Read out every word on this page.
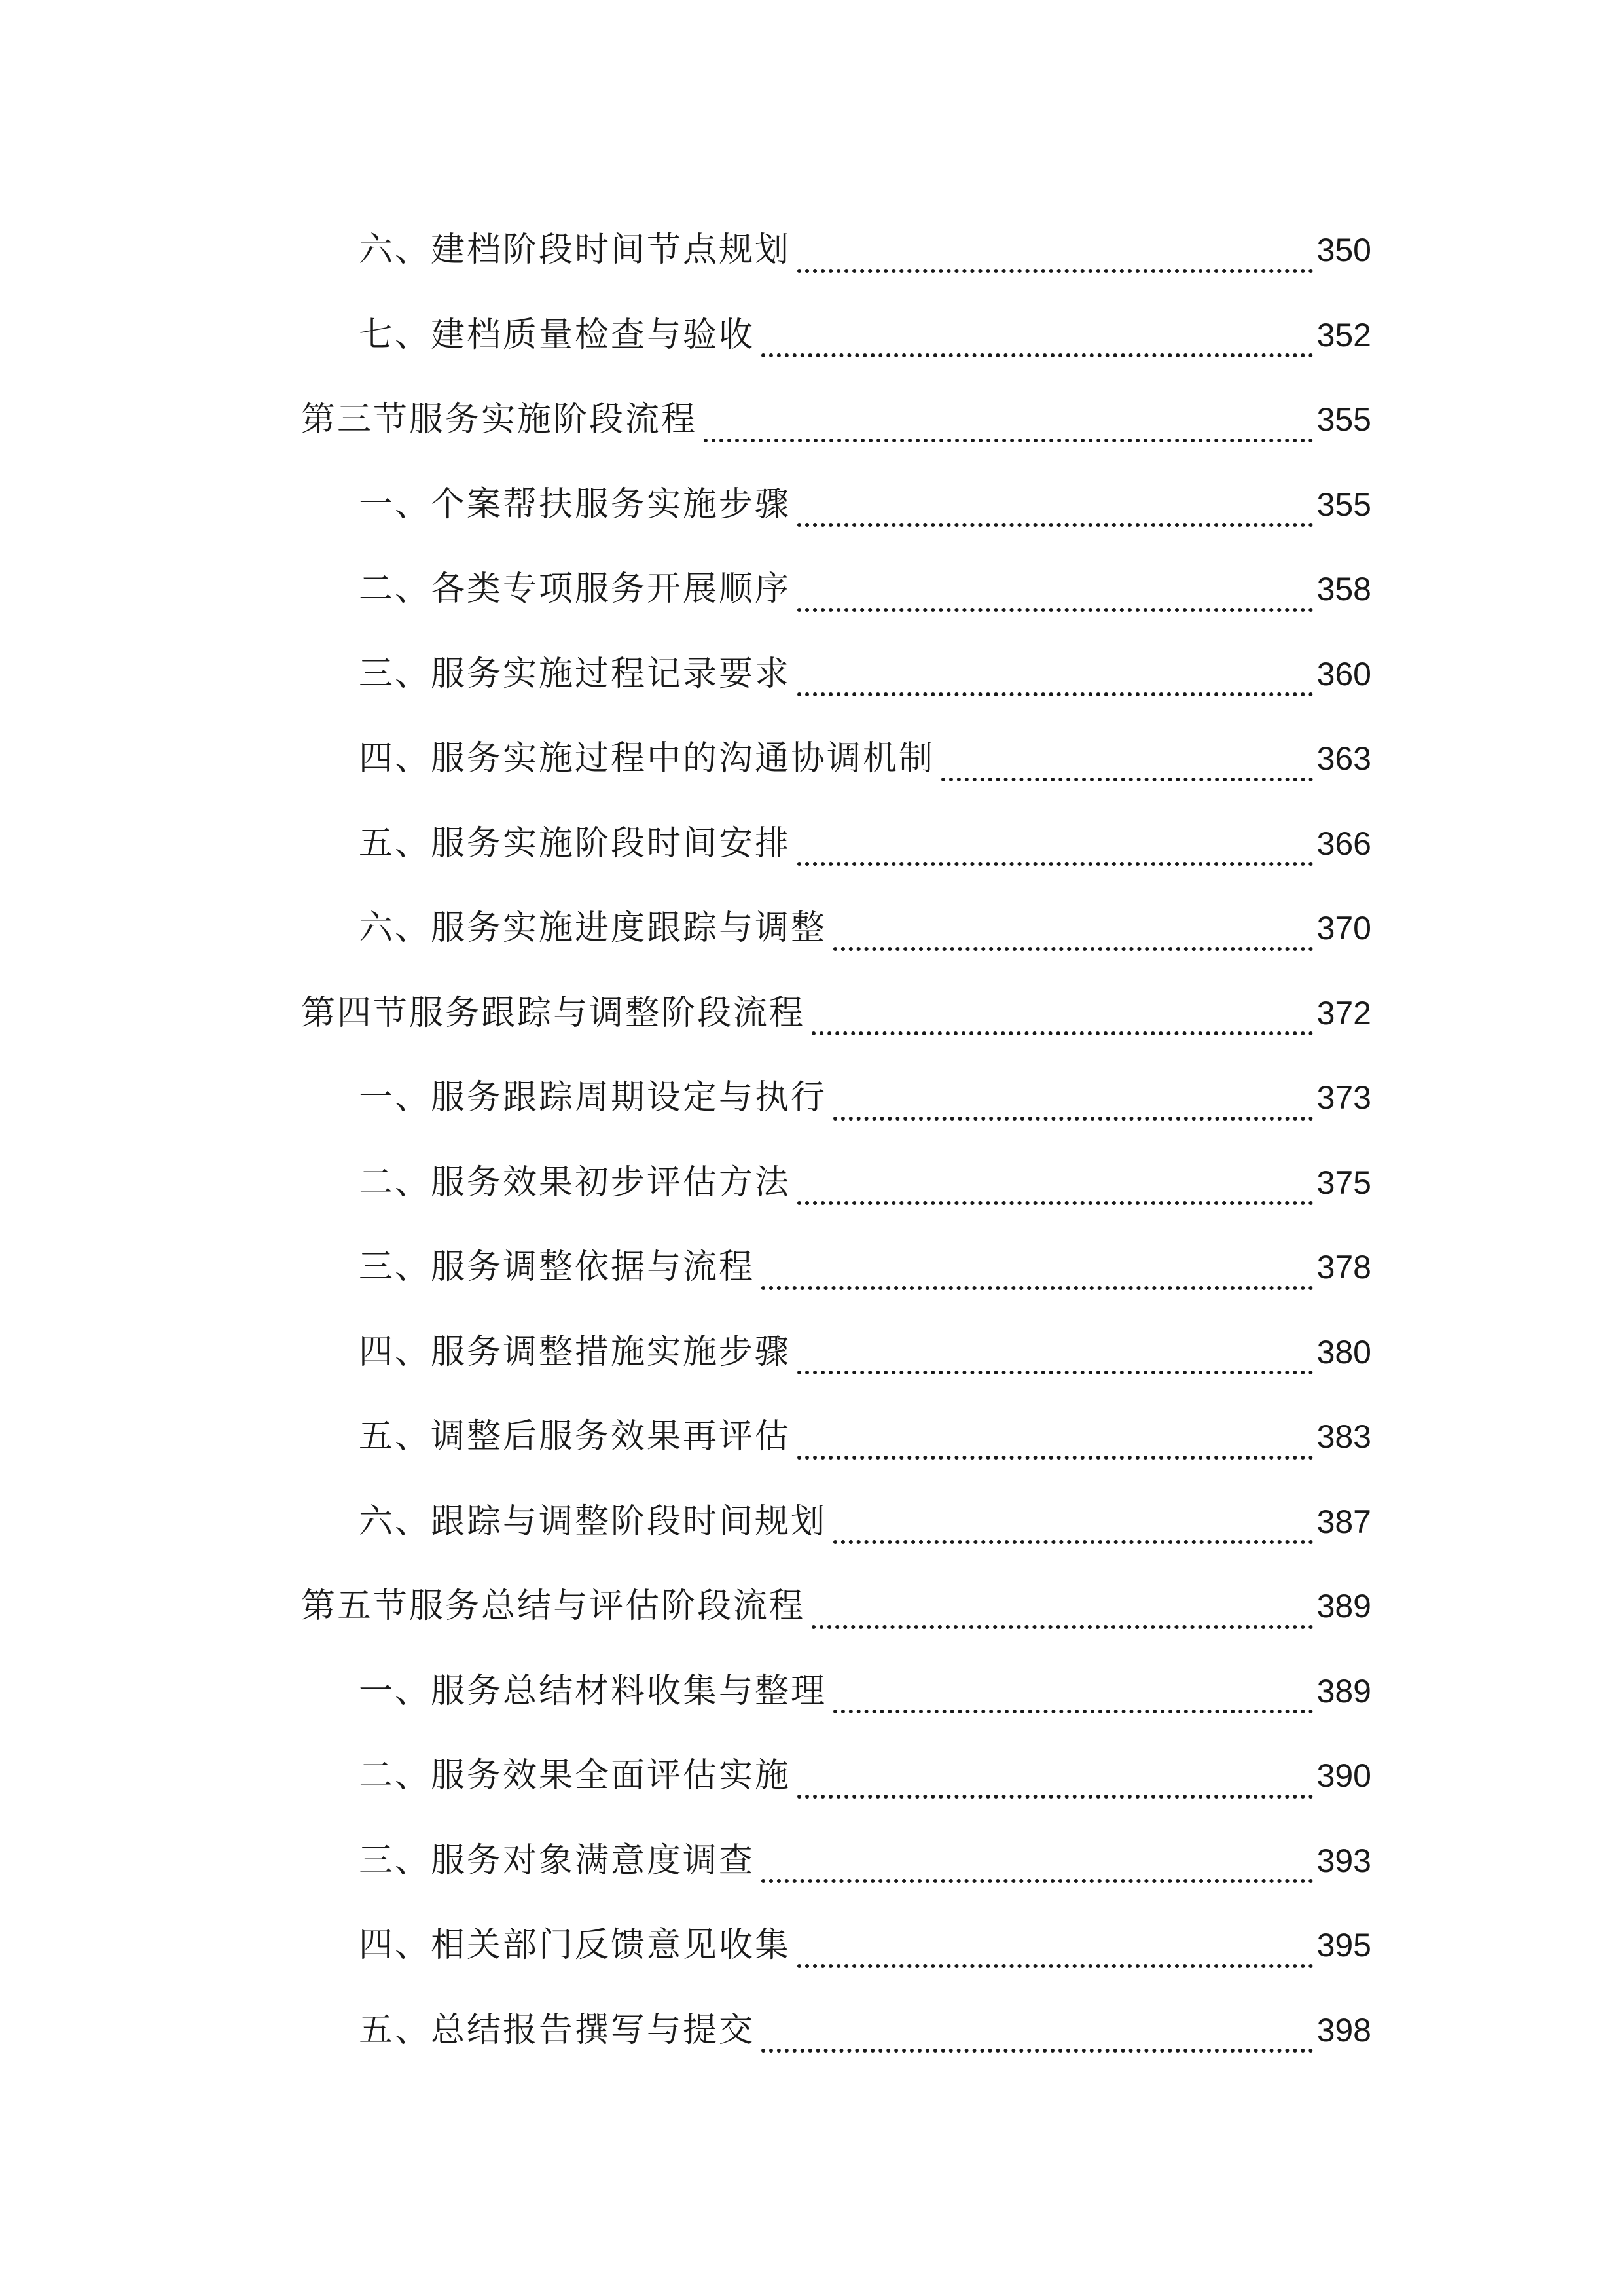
六、建档阶段时间节点规划	350
七、建档质量检查与验收	352
第三节服务实施阶段流程	355
一、个案帮扶服务实施步骤	355
二、各类专项服务开展顺序	358
三、服务实施过程记录要求	360
四、服务实施过程中的沟通协调机制	363
五、服务实施阶段时间安排	366
六、服务实施进度跟踪与调整	370
第四节服务跟踪与调整阶段流程	372
一、服务跟踪周期设定与执行	373
二、服务效果初步评估方法	375
三、服务调整依据与流程	378
四、服务调整措施实施步骤	380
五、调整后服务效果再评估	383
六、跟踪与调整阶段时间规划	387
第五节服务总结与评估阶段流程	389
一、服务总结材料收集与整理	389
二、服务效果全面评估实施	390
三、服务对象满意度调查	393
四、相关部门反馈意见收集	395
五、总结报告撰写与提交	398
